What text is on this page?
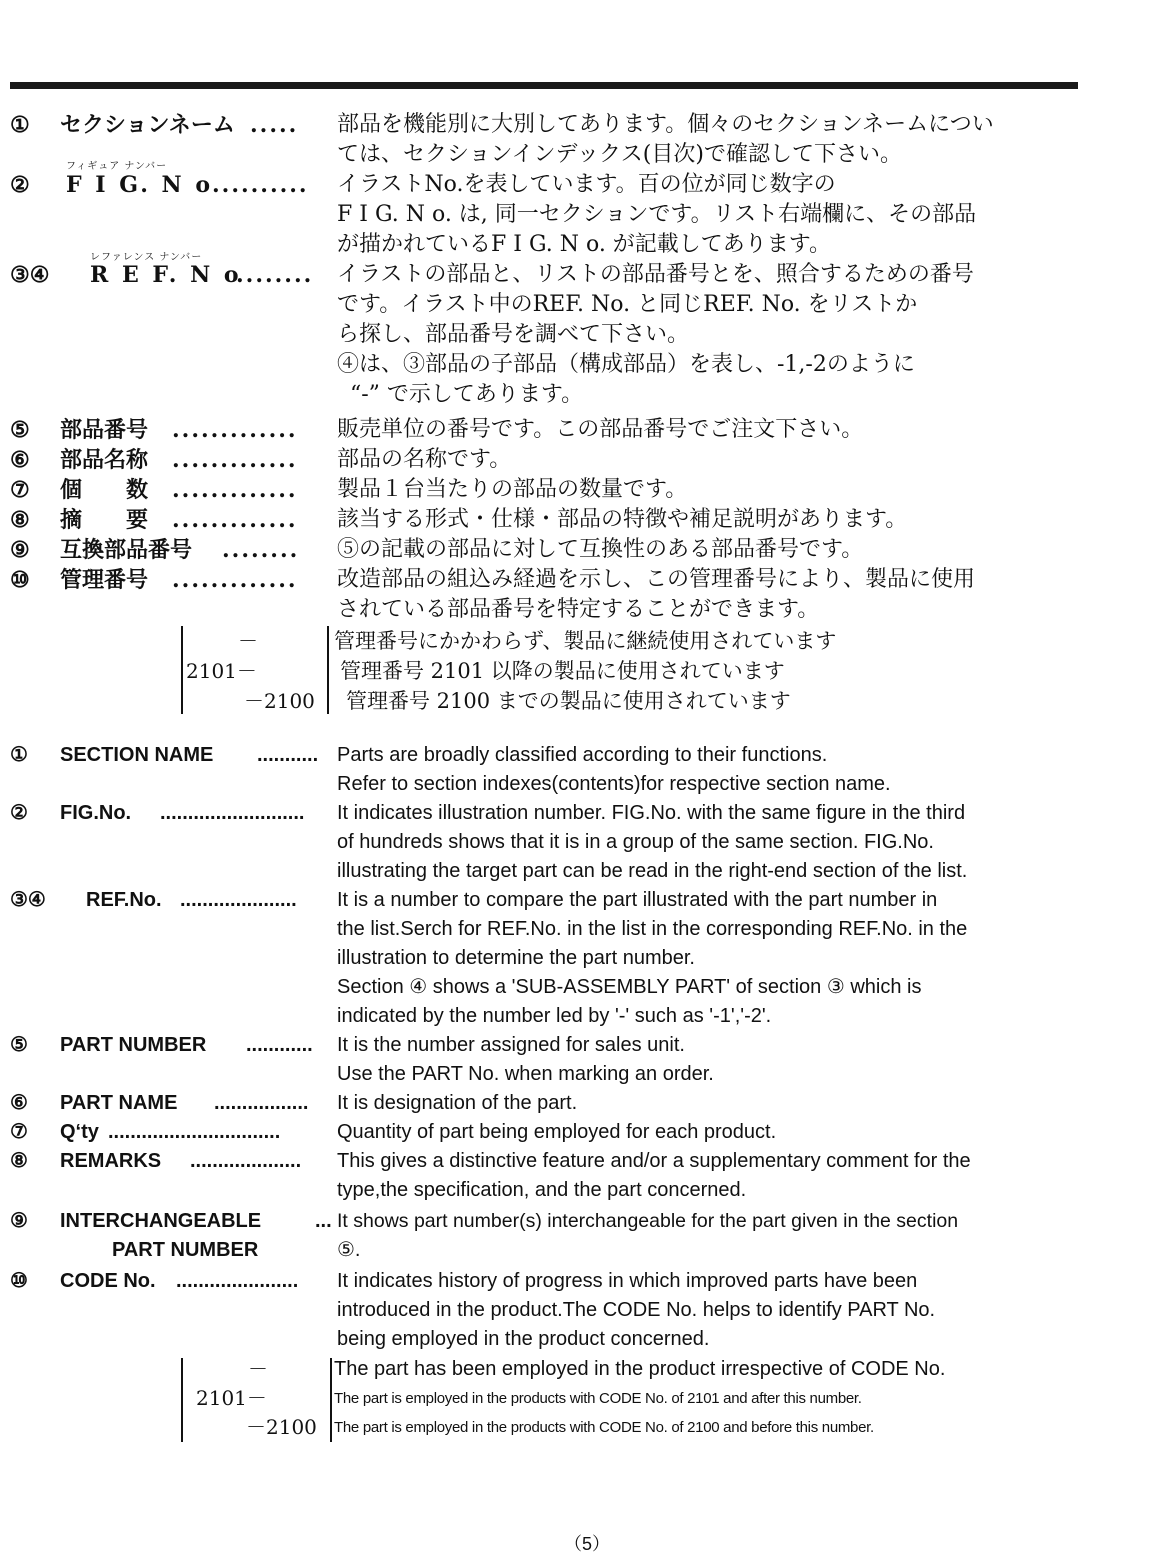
① セクションネーム ..... 部品を機能別に大別してあります。個々のセクションネームについ
ては、セクションインデックス(目次)で確認して下さい。
フィギュア ナンバー
② F I G. N o .......... イラストNo.を表しています。百の位が同じ数字の
F I G. N o. は, 同一セクションです。リスト右端欄に、その部品
が描かれているF I G. N o. が記載してあります。
レファレンス ナンバー
③④ R E F. N o
........ イラストの部品と、リストの部品番号とを、照合するための番号
です。イラスト中のREF. No. と同じREF. No. をリストか
ら探し、部品番号を調べて下さい。
④は、③部品の子部品（構成部品）を表し、-1,-2のように
“-” で示してあります。
⑤ 部品番号 ............. 販売単位の番号です。この部品番号でご注文下さい。
⑥ 部品名称 ............. 部品の名称です。
⑦ 個　　数 ............. 製品１台当たりの部品の数量です。
⑧ 摘　　要 ............. 該当する形式・仕様・部品の特徴や補足説明があります。
⑨ 互換部品番号 ........ ⑤の記載の部品に対して互換性のある部品番号です。
⑩ 管理番号 ............. 改造部品の組込み経過を示し、この管理番号により、製品に使用
されている部品番号を特定することができます。
－
2101－
－2100
管理番号にかかわらず、製品に継続使用されています
管理番号 2101 以降の製品に使用されています
管理番号 2100 までの製品に使用されています
① SECTION NAME ........... Parts are broadly classified according to their functions.
Refer to section indexes(contents)for respective section name.
② FIG.No. .......................... It indicates illustration number. FIG.No. with the same figure in the third
of hundreds shows that it is in a group of the same section. FIG.No.
illustrating the target part can be read in the right-end section of the list.
③④ REF.No. ..................... It is a number to compare the part illustrated with the part number in
the list.Serch for REF.No. in the list in the corresponding REF.No. in the
illustration to determine the part number.
Section ④ shows a 'SUB-ASSEMBLY PART' of section ③ which is
indicated by the number led by '-' such as '-1','-2'.
⑤ PART NUMBER ............ It is the number assigned for sales unit.
Use the PART No. when marking an order.
⑥ PART NAME ................. It is designation of the part.
⑦ Q‘ty ...............................	Quantity of part being employed for each product.
⑧ REMARKS .................... This gives a distinctive feature and/or a supplementary comment for the
type,the specification, and the part concerned.
⑨ INTERCHANGEABLE
PART NUMBER
... It shows part number(s) interchangeable for the part given in the section
⑤.
⑩ CODE No. ...................... It indicates history of progress in which improved parts have been
introduced in the product.The CODE No. helps to identify PART No.
being employed in the product concerned.
－
2101－
－2100
The part has been employed in the product irrespective of CODE No.
The part is employed in the products with CODE No. of 2101 and after this number.
The part is employed in the products with CODE No. of 2100 and before this number.
（5）
